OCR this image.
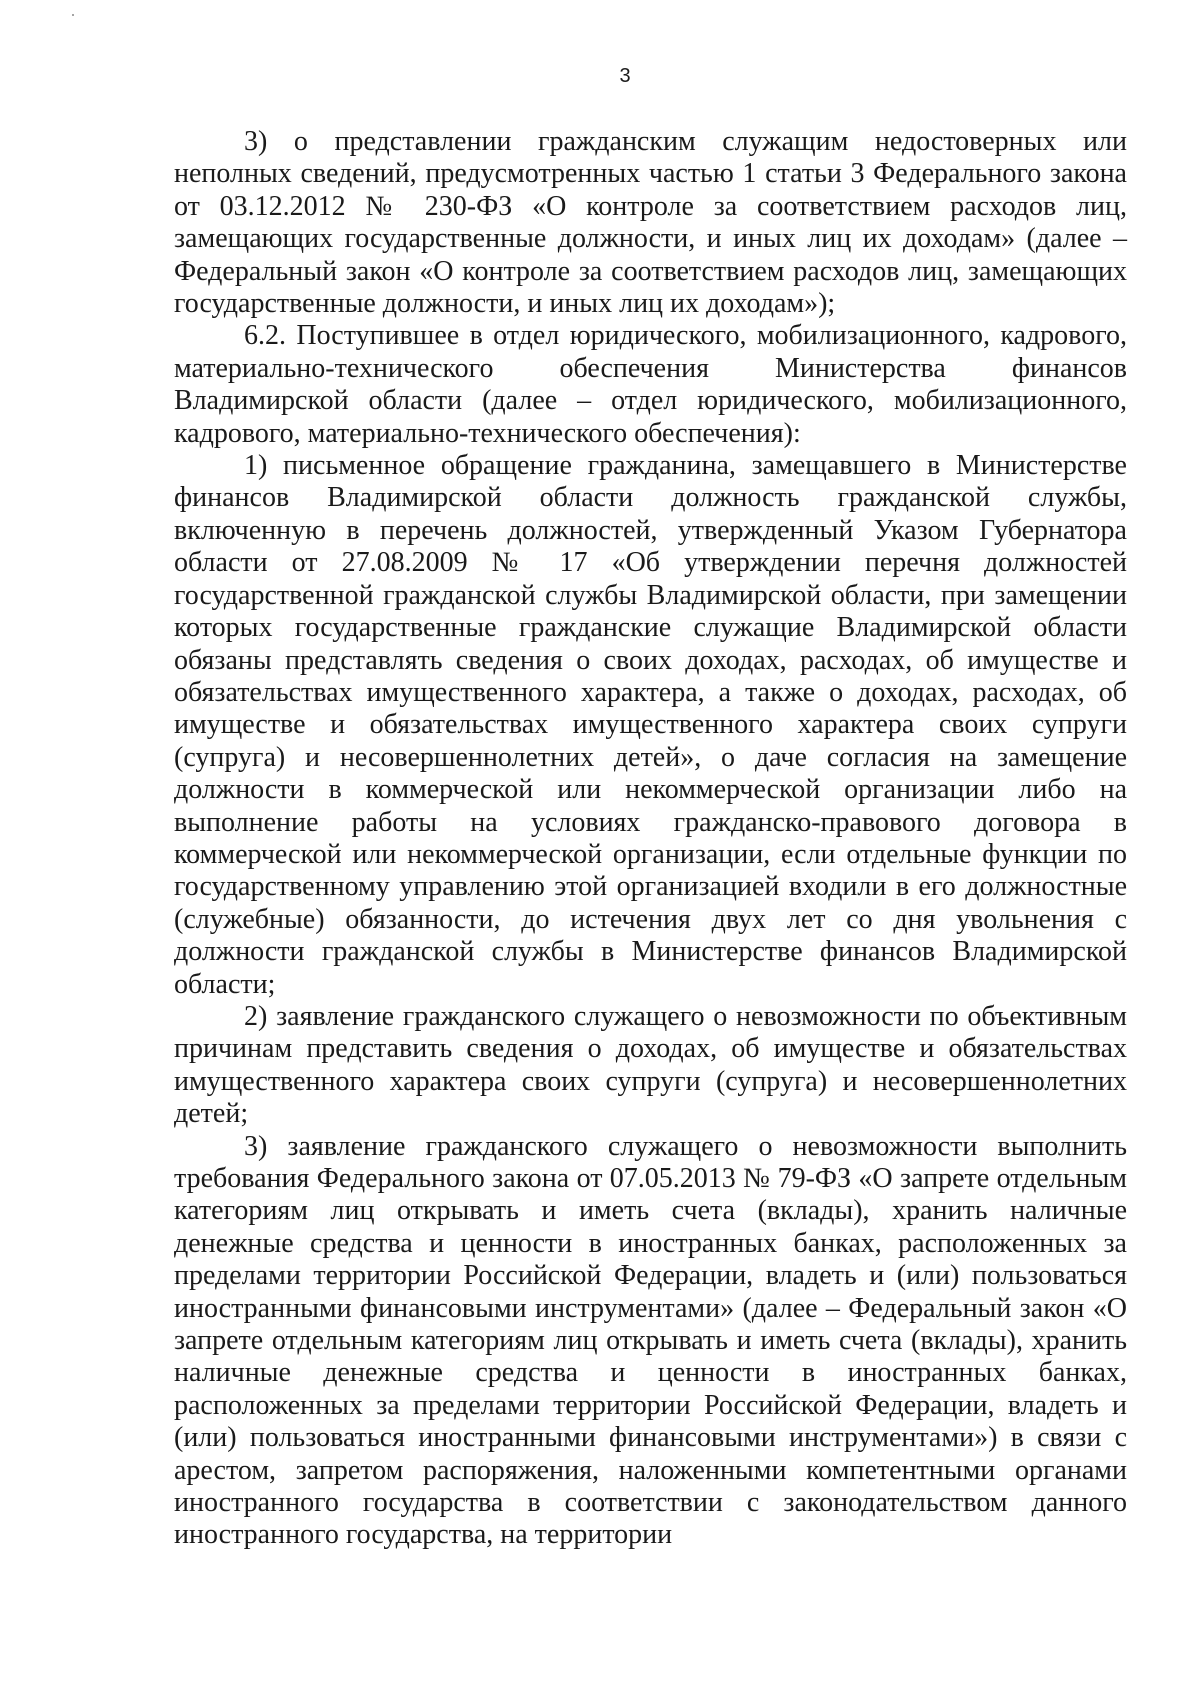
3

3) о представлении гражданским служащим недостоверных или неполных сведений, предусмотренных частью 1 статьи 3 Федерального закона от 03.12.2012 № 230-ФЗ «О контроле за соответствием расходов лиц, замещающих государственные должности, и иных лиц их доходам» (далее – Федеральный закон «О контроле за соответствием расходов лиц, замещающих государственные должности, и иных лиц их доходам»);

6.2. Поступившее в отдел юридического, мобилизационного, кадрового, материально-технического обеспечения Министерства финансов Владимирской области (далее – отдел юридического, мобилизационного, кадрового, материально-технического обеспечения):

1) письменное обращение гражданина, замещавшего в Министерстве финансов Владимирской области должность гражданской службы, включенную в перечень должностей, утвержденный Указом Губернатора области от 27.08.2009 № 17 «Об утверждении перечня должностей государственной гражданской службы Владимирской области, при замещении которых государственные гражданские служащие Владимирской области обязаны представлять сведения о своих доходах, расходах, об имуществе и обязательствах имущественного характера, а также о доходах, расходах, об имуществе и обязательствах имущественного характера своих супруги (супруга) и несовершеннолетних детей», о даче согласия на замещение должности в коммерческой или некоммерческой организации либо на выполнение работы на условиях гражданско-правового договора в коммерческой или некоммерческой организации, если отдельные функции по государственному управлению этой организацией входили в его должностные (служебные) обязанности, до истечения двух лет со дня увольнения с должности гражданской службы в Министерстве финансов Владимирской области;

2) заявление гражданского служащего о невозможности по объективным причинам представить сведения о доходах, об имуществе и обязательствах имущественного характера своих супруги (супруга) и несовершеннолетних детей;

3) заявление гражданского служащего о невозможности выполнить требования Федерального закона от 07.05.2013 № 79-ФЗ «О запрете отдельным категориям лиц открывать и иметь счета (вклады), хранить наличные денежные средства и ценности в иностранных банках, расположенных за пределами территории Российской Федерации, владеть и (или) пользоваться иностранными финансовыми инструментами» (далее – Федеральный закон «О запрете отдельным категориям лиц открывать и иметь счета (вклады), хранить наличные денежные средства и ценности в иностранных банках, расположенных за пределами территории Российской Федерации, владеть и (или) пользоваться иностранными финансовыми инструментами») в связи с арестом, запретом распоряжения, наложенными компетентными органами иностранного государства в соответствии с законодательством данного иностранного государства, на территории
